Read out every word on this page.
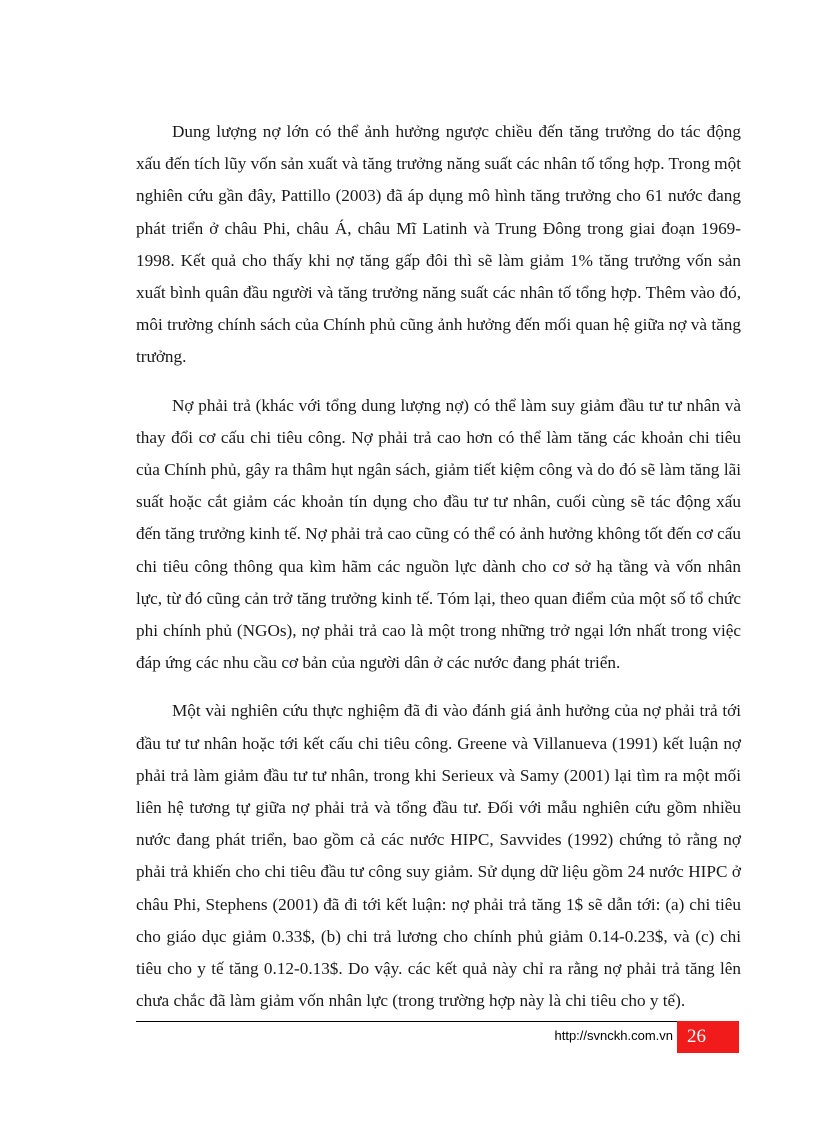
Dung lượng nợ lớn có thể ảnh hưởng ngược chiều đến tăng trưởng do tác động xấu đến tích lũy vốn sản xuất và tăng trưởng năng suất các nhân tố tổng hợp. Trong một nghiên cứu gần đây, Pattillo (2003) đã áp dụng mô hình tăng trưởng cho 61 nước đang phát triển ở châu Phi, châu Á, châu Mĩ Latinh và Trung Đông trong giai đoạn 1969-1998. Kết quả cho thấy khi nợ tăng gấp đôi thì sẽ làm giảm 1% tăng trưởng vốn sản xuất bình quân đầu người và tăng trưởng năng suất các nhân tố tổng hợp. Thêm vào đó, môi trường chính sách của Chính phủ cũng ảnh hưởng đến mối quan hệ giữa nợ và tăng trưởng.

Nợ phải trả (khác với tổng dung lượng nợ) có thể làm suy giảm đầu tư tư nhân và thay đổi cơ cấu chi tiêu công. Nợ phải trả cao hơn có thể làm tăng các khoản chi tiêu của Chính phủ, gây ra thâm hụt ngân sách, giảm tiết kiệm công và do đó sẽ làm tăng lãi suất hoặc cắt giảm các khoản tín dụng cho đầu tư tư nhân, cuối cùng sẽ tác động xấu đến tăng trưởng kinh tế. Nợ phải trả cao cũng có thể có ảnh hưởng không tốt đến cơ cấu chi tiêu công thông qua kìm hãm các nguồn lực dành cho cơ sở hạ tầng và vốn nhân lực, từ đó cũng cản trở tăng trưởng kinh tế. Tóm lại, theo quan điểm của một số tổ chức phi chính phủ (NGOs), nợ phải trả cao là một trong những trở ngại lớn nhất trong việc đáp ứng các nhu cầu cơ bản của người dân ở các nước đang phát triển.

Một vài nghiên cứu thực nghiệm đã đi vào đánh giá ảnh hưởng của nợ phải trả tới đầu tư tư nhân hoặc tới kết cấu chi tiêu công. Greene và Villanueva (1991) kết luận nợ phải trả làm giảm đầu tư tư nhân, trong khi Serieux và Samy (2001) lại tìm ra một mối liên hệ tương tự giữa nợ phải trả và tổng đầu tư. Đối với mẫu nghiên cứu gồm nhiều nước đang phát triển, bao gồm cả các nước HIPC, Savvides (1992) chứng tỏ rằng nợ phải trả khiến cho chi tiêu đầu tư công suy giảm. Sử dụng dữ liệu gồm 24 nước HIPC ở châu Phi, Stephens (2001) đã đi tới kết luận: nợ phải trả tăng 1$ sẽ dẫn tới: (a) chi tiêu cho giáo dục giảm 0.33$, (b) chi trả lương cho chính phủ giảm 0.14-0.23$, và (c) chi tiêu cho y tế tăng 0.12-0.13$. Do vậy. các kết quả này chỉ ra rằng nợ phải trả tăng lên chưa chắc đã làm giảm vốn nhân lực (trong trường hợp này là chi tiêu cho y tế).

http://svnckh.com.vn 26
